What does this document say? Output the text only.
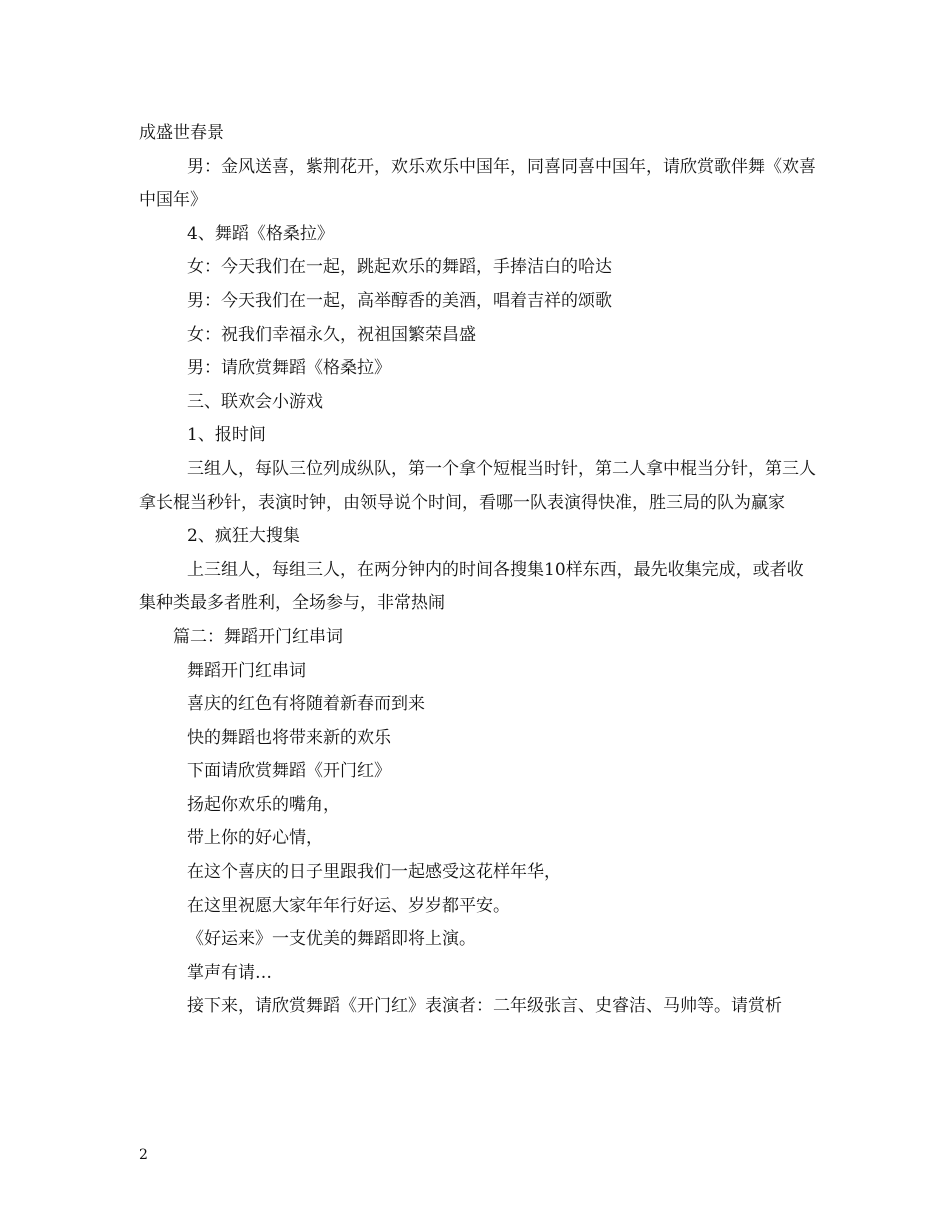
成盛世春景

男：金风送喜，紫荆花开，欢乐欢乐中国年，同喜同喜中国年，请欣赏歌伴舞《欢喜中国年》

4、舞蹈《格桑拉》

女：今天我们在一起，跳起欢乐的舞蹈，手捧洁白的哈达

男：今天我们在一起，高举醇香的美酒，唱着吉祥的颂歌

女：祝我们幸福永久，祝祖国繁荣昌盛

男：请欣赏舞蹈《格桑拉》

三、联欢会小游戏

1、报时间

三组人，每队三位列成纵队，第一个拿个短棍当时针，第二人拿中棍当分针，第三人拿长棍当秒针，表演时钟，由领导说个时间，看哪一队表演得快准，胜三局的队为赢家

2、疯狂大搜集

上三组人，每组三人，在两分钟内的时间各搜集10样东西，最先收集完成，或者收集种类最多者胜利，全场参与，非常热闹

篇二：舞蹈开门红串词

舞蹈开门红串词

喜庆的红色有将随着新春而到来

快的舞蹈也将带来新的欢乐

下面请欣赏舞蹈《开门红》

扬起你欢乐的嘴角，

带上你的好心情，

在这个喜庆的日子里跟我们一起感受这花样年华，

在这里祝愿大家年年行好运、岁岁都平安。

《好运来》一支优美的舞蹈即将上演。

掌声有请…

接下来，请欣赏舞蹈《开门红》表演者：二年级张言、史睿洁、马帅等。请赏析

2
